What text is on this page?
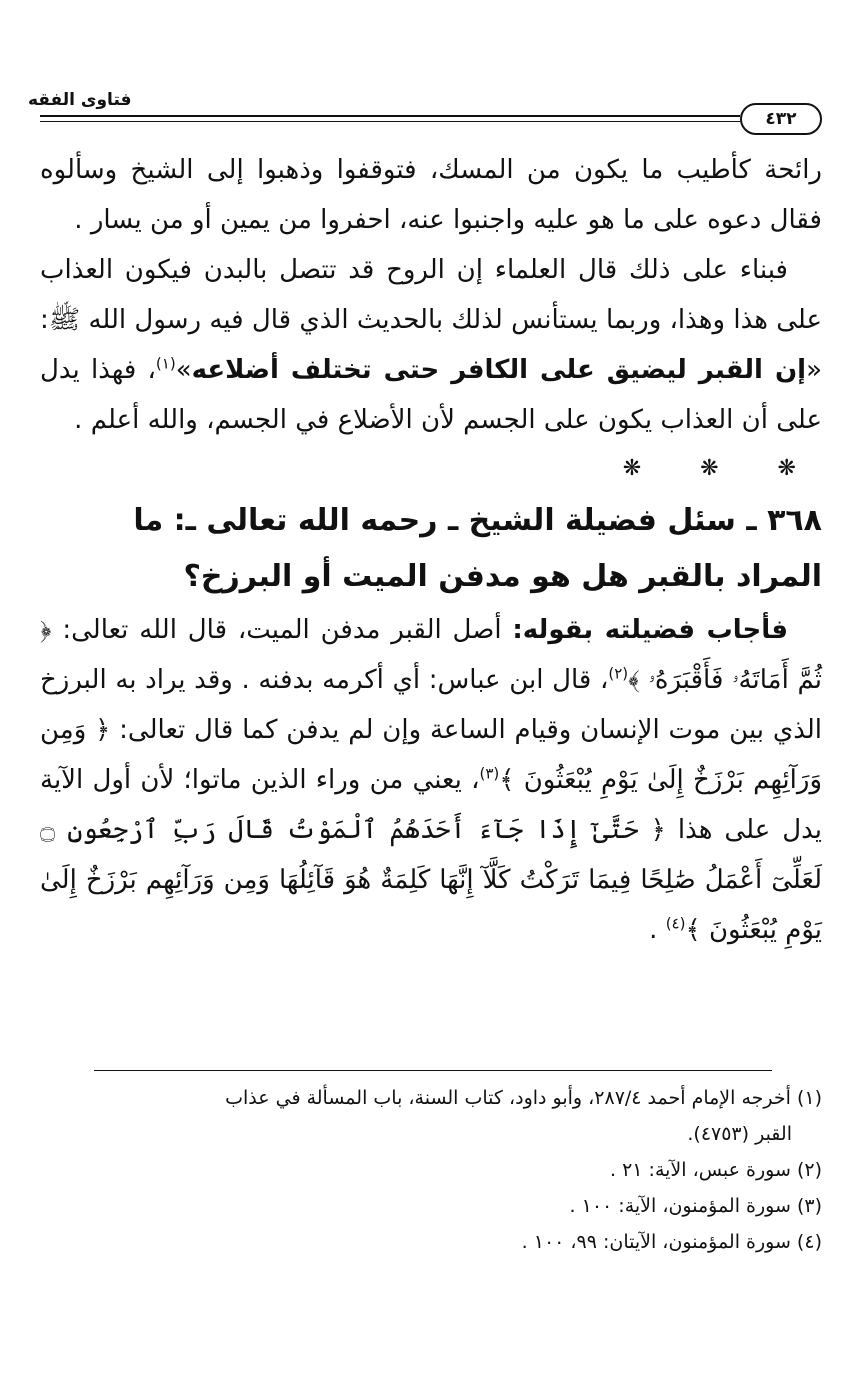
فتاوى الفقه
٤٣٢

رائحة كأطيب ما يكون من المسك، فتوقفوا وذهبوا إلى الشيخ وسألوه فقال دعوه على ما هو عليه واجنبوا عنه، احفروا من يمين أو من يسار .

فبناء على ذلك قال العلماء إن الروح قد تتصل بالبدن فيكون العذاب على هذا وهذا، وربما يستأنس لذلك بالحديث الذي قال فيه رسول الله ﷺ: «إن القبر ليضيق على الكافر حتى تختلف أضلاعه»$^{(١)}$، فهذا يدل على أن العذاب يكون على الجسم لأن الأضلاع في الجسم، والله أعلم .

❋ ❋ ❋

٣٦٨ ـ سئل فضيلة الشيخ ـ رحمه الله تعالى ـ: ما المراد بالقبر هل هو مدفن الميت أو البرزخ؟

فأجاب فضيلته بقوله: أصل القبر مدفن الميت، قال الله تعالى: ﴿ ثُمَّ أَمَاتَهُۥ فَأَقْبَرَهُۥ ﴾$^{(٢)}$، قال ابن عباس: أي أكرمه بدفنه . وقد يراد به البرزخ الذي بين موت الإنسان وقيام الساعة وإن لم يدفن كما قال تعالى: ﴿ وَمِن وَرَآئِهِم بَرْزَخٌ إِلَىٰ يَوْمِ يُبْعَثُونَ ﴾$^{(٣)}$، يعني من وراء الذين ماتوا؛ لأن أول الآية يدل على هذا ﴿ حَتَّىٰٓ إِذَا جَآءَ أَحَدَهُمُ ٱلْمَوْتُ قَالَ رَبِّ ٱرْجِعُونِ ۝ لَعَلِّىٓ أَعْمَلُ صَٰلِحًا فِيمَا تَرَكْتُ كَلَّآ إِنَّهَا كَلِمَةٌ هُوَ قَآئِلُهَا وَمِن وَرَآئِهِم بَرْزَخٌ إِلَىٰ يَوْمِ يُبْعَثُونَ ﴾$^{(٤)}$ .

(١) أخرجه الإمام أحمد ٢٨٧/٤، وأبو داود، كتاب السنة، باب المسألة في عذاب

القبر (٤٧٥٣).

(٢) سورة عبس، الآية: ٢١ .

(٣) سورة المؤمنون، الآية: ١٠٠ .

(٤) سورة المؤمنون، الآيتان: ٩٩، ١٠٠ .
